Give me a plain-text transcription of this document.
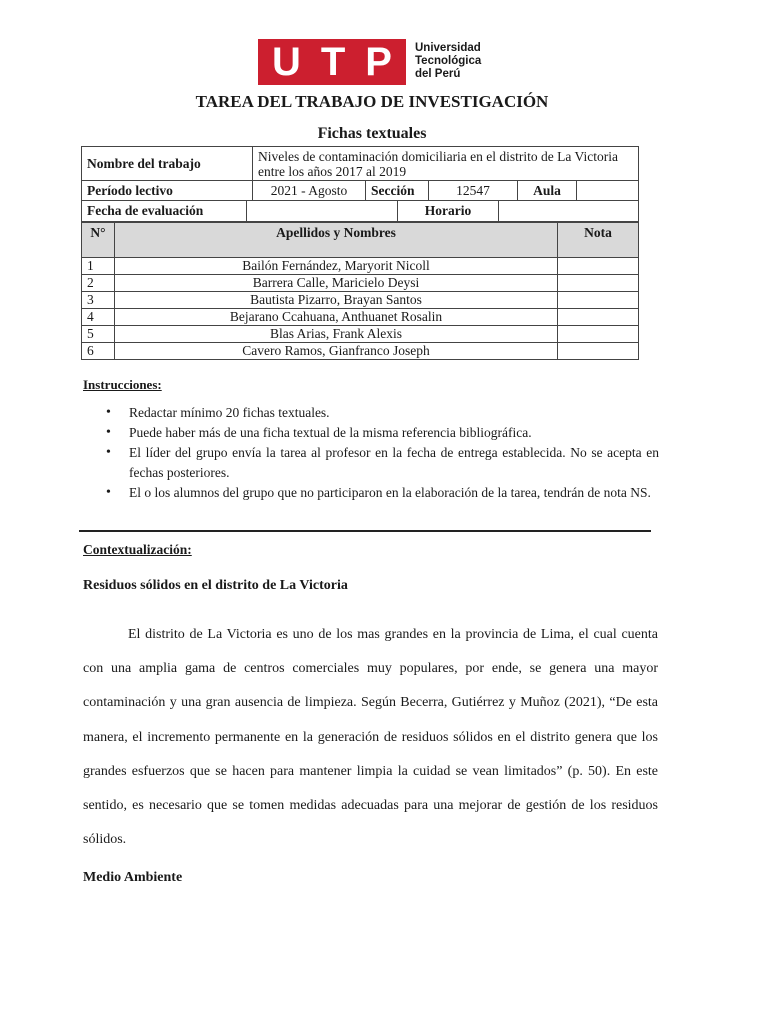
U T P Universidad
Tecnológica
del Perú
TAREA DEL TRABAJO DE INVESTIGACIÓN
Fichas textuales
Nombre del trabajo	Niveles de contaminación domiciliaria en el distrito de La Victoria entre los años 2017 al 2019				
Período lectivo	2021 - Agosto	Sección	12547	Aula	
Fecha de evaluación		Horario	
N°	Apellidos y Nombres	Nota
1	Bailón Fernández, Maryorit Nicoll	
2	Barrera Calle, Maricielo Deysi	
3	Bautista Pizarro, Brayan Santos	
4	Bejarano Ccahuana, Anthuanet Rosalin	
5	Blas Arias, Frank Alexis	
6	Cavero Ramos, Gianfranco Joseph	
Instrucciones:
• Redactar mínimo 20 fichas textuales.
• Puede haber más de una ficha textual de la misma referencia bibliográfica.
• El líder del grupo envía la tarea al profesor en la fecha de entrega establecida. No se acepta en fechas posteriores.
• El o los alumnos del grupo que no participaron en la elaboración de la tarea, tendrán de nota NS.
Contextualización:
Residuos sólidos en el distrito de La Victoria

El distrito de La Victoria es uno de los mas grandes en la provincia de Lima, el cual cuenta con una amplia gama de centros comerciales muy populares, por ende, se genera una mayor contaminación y una gran ausencia de limpieza. Según Becerra, Gutiérrez y Muñoz (2021), “De esta manera, el incremento permanente en la generación de residuos sólidos en el distrito genera que los grandes esfuerzos que se hacen para mantener limpia la cuidad se vean limitados” (p. 50). En este sentido, es necesario que se tomen medidas adecuadas para una mejorar de gestión de los residuos sólidos.

Medio Ambiente
